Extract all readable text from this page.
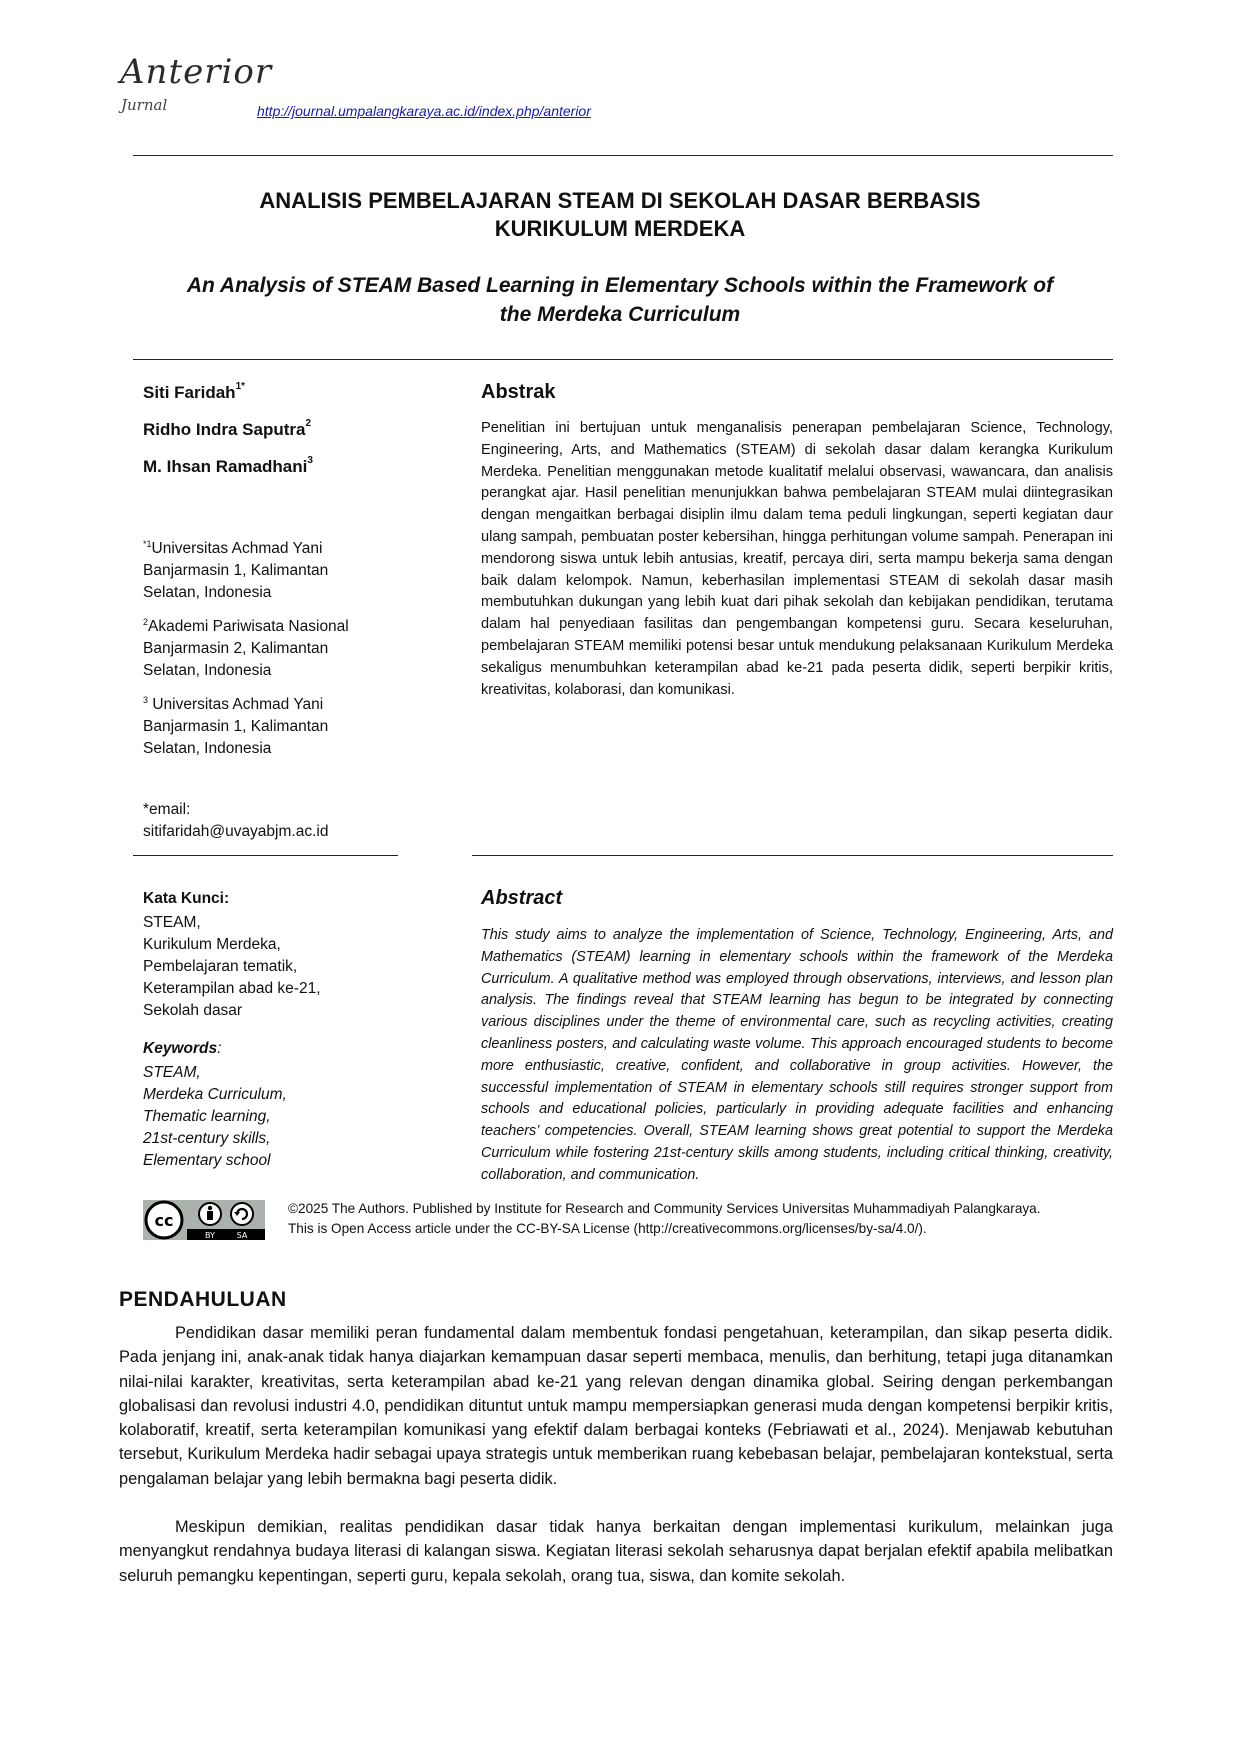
Anterior
Jurnal	http://journal.umpalangkaraya.ac.id/index.php/anterior
ANALISIS PEMBELAJARAN STEAM DI SEKOLAH DASAR BERBASIS
KURIKULUM MERDEKA
An Analysis of STEAM Based Learning in Elementary Schools within the Framework of
the Merdeka Curriculum
Siti Faridah$^{1*}$
Ridho Indra Saputra$^2$
M. Ihsan Ramadhani$^3$
$^{*1}$Universitas Achmad Yani Banjarmasin 1, Kalimantan Selatan, Indonesia
$^2$Akademi Pariwisata Nasional Banjarmasin 2, Kalimantan Selatan, Indonesia
$^3$ Universitas Achmad Yani Banjarmasin 1, Kalimantan Selatan, Indonesia
*email:
sitifaridah@uvayabjm.ac.id
Abstrak
Penelitian ini bertujuan untuk menganalisis penerapan pembelajaran Science, Technology, Engineering, Arts, and Mathematics (STEAM) di sekolah dasar dalam kerangka Kurikulum Merdeka. Penelitian menggunakan metode kualitatif melalui observasi, wawancara, dan analisis perangkat ajar. Hasil penelitian menunjukkan bahwa pembelajaran STEAM mulai diintegrasikan dengan mengaitkan berbagai disiplin ilmu dalam tema peduli lingkungan, seperti kegiatan daur ulang sampah, pembuatan poster kebersihan, hingga perhitungan volume sampah. Penerapan ini mendorong siswa untuk lebih antusias, kreatif, percaya diri, serta mampu bekerja sama dengan baik dalam kelompok. Namun, keberhasilan implementasi STEAM di sekolah dasar masih membutuhkan dukungan yang lebih kuat dari pihak sekolah dan kebijakan pendidikan, terutama dalam hal penyediaan fasilitas dan pengembangan kompetensi guru. Secara keseluruhan, pembelajaran STEAM memiliki potensi besar untuk mendukung pelaksanaan Kurikulum Merdeka sekaligus menumbuhkan keterampilan abad ke-21 pada peserta didik, seperti berpikir kritis, kreativitas, kolaborasi, dan komunikasi.
Kata Kunci:
STEAM,
Kurikulum Merdeka,
Pembelajaran tematik,
Keterampilan abad ke-21,
Sekolah dasar
Keywords:
STEAM,
Merdeka Curriculum,
Thematic learning,
21st-century skills,
Elementary school
Abstract
This study aims to analyze the implementation of Science, Technology, Engineering, Arts, and Mathematics (STEAM) learning in elementary schools within the framework of the Merdeka Curriculum. A qualitative method was employed through observations, interviews, and lesson plan analysis. The findings reveal that STEAM learning has begun to be integrated by connecting various disciplines under the theme of environmental care, such as recycling activities, creating cleanliness posters, and calculating waste volume. This approach encouraged students to become more enthusiastic, creative, confident, and collaborative in group activities. However, the successful implementation of STEAM in elementary schools still requires stronger support from schools and educational policies, particularly in providing adequate facilities and enhancing teachers’ competencies. Overall, STEAM learning shows great potential to support the Merdeka Curriculum while fostering 21st-century skills among students, including critical thinking, creativity, collaboration, and communication.
cc
BY	SA
©2025 The Authors. Published by Institute for Research and Community Services Universitas Muhammadiyah Palangkaraya.
This is Open Access article under the CC-BY-SA License (http://creativecommons.org/licenses/by-sa/4.0/).
PENDAHULUAN
Pendidikan dasar memiliki peran fundamental dalam membentuk fondasi pengetahuan, keterampilan, dan sikap peserta didik. Pada jenjang ini, anak-anak tidak hanya diajarkan kemampuan dasar seperti membaca, menulis, dan berhitung, tetapi juga ditanamkan nilai-nilai karakter, kreativitas, serta keterampilan abad ke-21 yang relevan dengan dinamika global. Seiring dengan perkembangan globalisasi dan revolusi industri 4.0, pendidikan dituntut untuk mampu mempersiapkan generasi muda dengan kompetensi berpikir kritis, kolaboratif, kreatif, serta keterampilan komunikasi yang efektif dalam berbagai konteks (Febriawati et al., 2024). Menjawab kebutuhan tersebut, Kurikulum Merdeka hadir sebagai upaya strategis untuk memberikan ruang kebebasan belajar, pembelajaran kontekstual, serta pengalaman belajar yang lebih bermakna bagi peserta didik.
Meskipun demikian, realitas pendidikan dasar tidak hanya berkaitan dengan implementasi kurikulum, melainkan juga menyangkut rendahnya budaya literasi di kalangan siswa. Kegiatan literasi sekolah seharusnya dapat berjalan efektif apabila melibatkan seluruh pemangku kepentingan, seperti guru, kepala sekolah, orang tua, siswa, dan komite sekolah.
